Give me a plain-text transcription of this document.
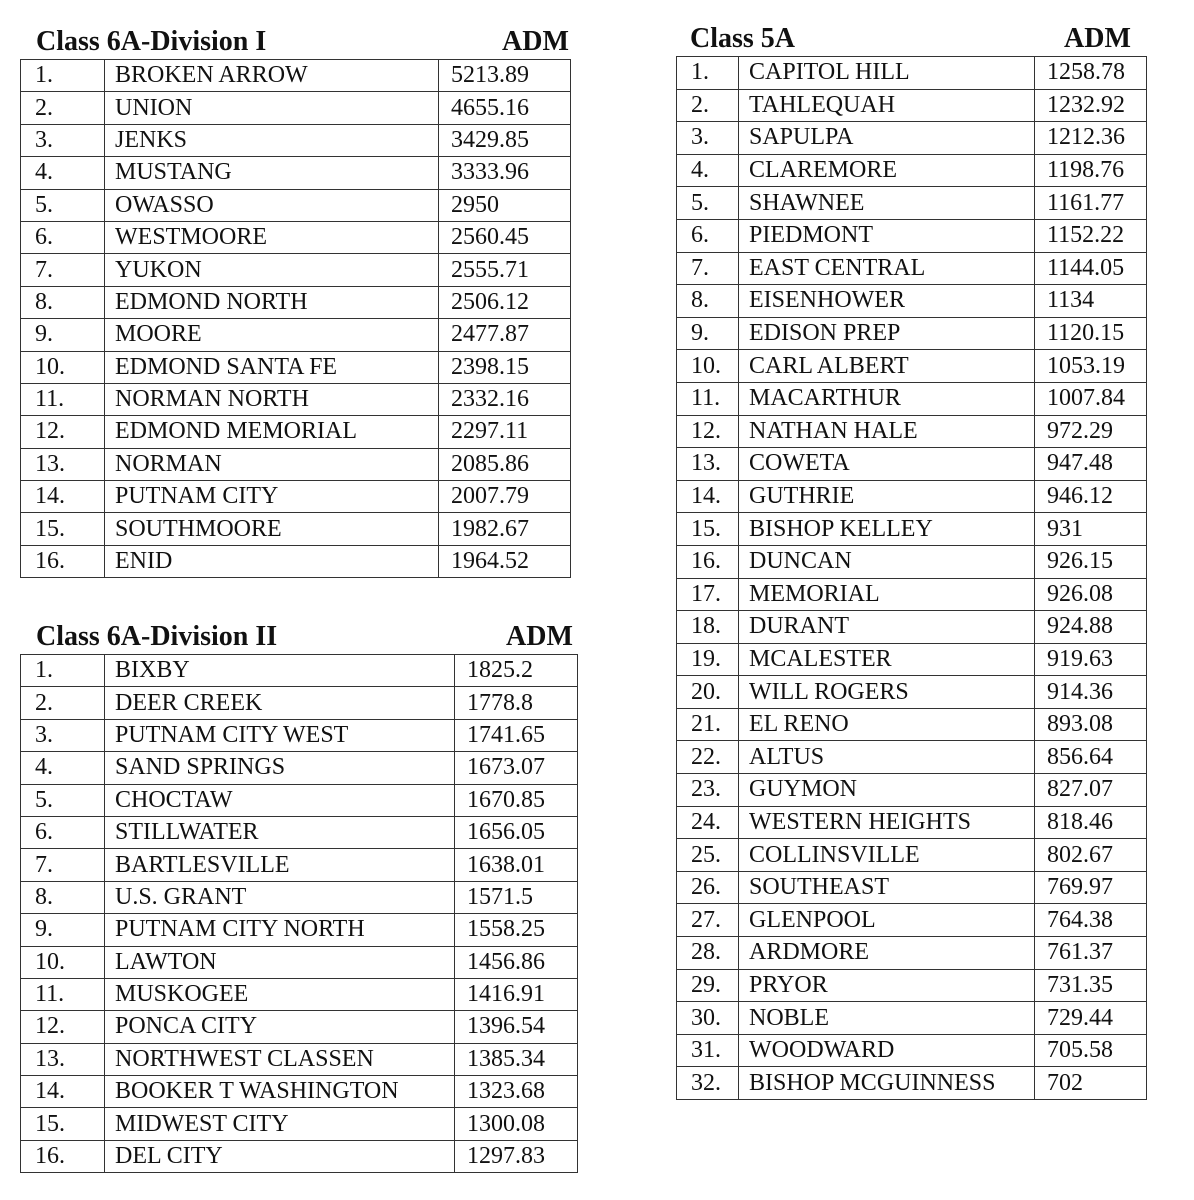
Class 6A-Division I	ADM
1.	BROKEN ARROW	5213.89
2.	UNION	4655.16
3.	JENKS	3429.85
4.	MUSTANG	3333.96
5.	OWASSO	2950
6.	WESTMOORE	2560.45
7.	YUKON	2555.71
8.	EDMOND NORTH	2506.12
9.	MOORE	2477.87
10.	EDMOND SANTA FE	2398.15
11.	NORMAN NORTH	2332.16
12.	EDMOND MEMORIAL	2297.11
13.	NORMAN	2085.86
14.	PUTNAM CITY	2007.79
15.	SOUTHMOORE	1982.67
16.	ENID	1964.52
Class 6A-Division II	ADM
1.	BIXBY	1825.2
2.	DEER CREEK	1778.8
3.	PUTNAM CITY WEST	1741.65
4.	SAND SPRINGS	1673.07
5.	CHOCTAW	1670.85
6.	STILLWATER	1656.05
7.	BARTLESVILLE	1638.01
8.	U.S. GRANT	1571.5
9.	PUTNAM CITY NORTH	1558.25
10.	LAWTON	1456.86
11.	MUSKOGEE	1416.91
12.	PONCA CITY	1396.54
13.	NORTHWEST CLASSEN	1385.34
14.	BOOKER T WASHINGTON	1323.68
15.	MIDWEST CITY	1300.08
16.	DEL CITY	1297.83
Class 5A	ADM
1.	CAPITOL HILL	1258.78
2.	TAHLEQUAH	1232.92
3.	SAPULPA	1212.36
4.	CLAREMORE	1198.76
5.	SHAWNEE	1161.77
6.	PIEDMONT	1152.22
7.	EAST CENTRAL	1144.05
8.	EISENHOWER	1134
9.	EDISON PREP	1120.15
10.	CARL ALBERT	1053.19
11.	MACARTHUR	1007.84
12.	NATHAN HALE	972.29
13.	COWETA	947.48
14.	GUTHRIE	946.12
15.	BISHOP KELLEY	931
16.	DUNCAN	926.15
17.	MEMORIAL	926.08
18.	DURANT	924.88
19.	MCALESTER	919.63
20.	WILL ROGERS	914.36
21.	EL RENO	893.08
22.	ALTUS	856.64
23.	GUYMON	827.07
24.	WESTERN HEIGHTS	818.46
25.	COLLINSVILLE	802.67
26.	SOUTHEAST	769.97
27.	GLENPOOL	764.38
28.	ARDMORE	761.37
29.	PRYOR	731.35
30.	NOBLE	729.44
31.	WOODWARD	705.58
32.	BISHOP MCGUINNESS	702
